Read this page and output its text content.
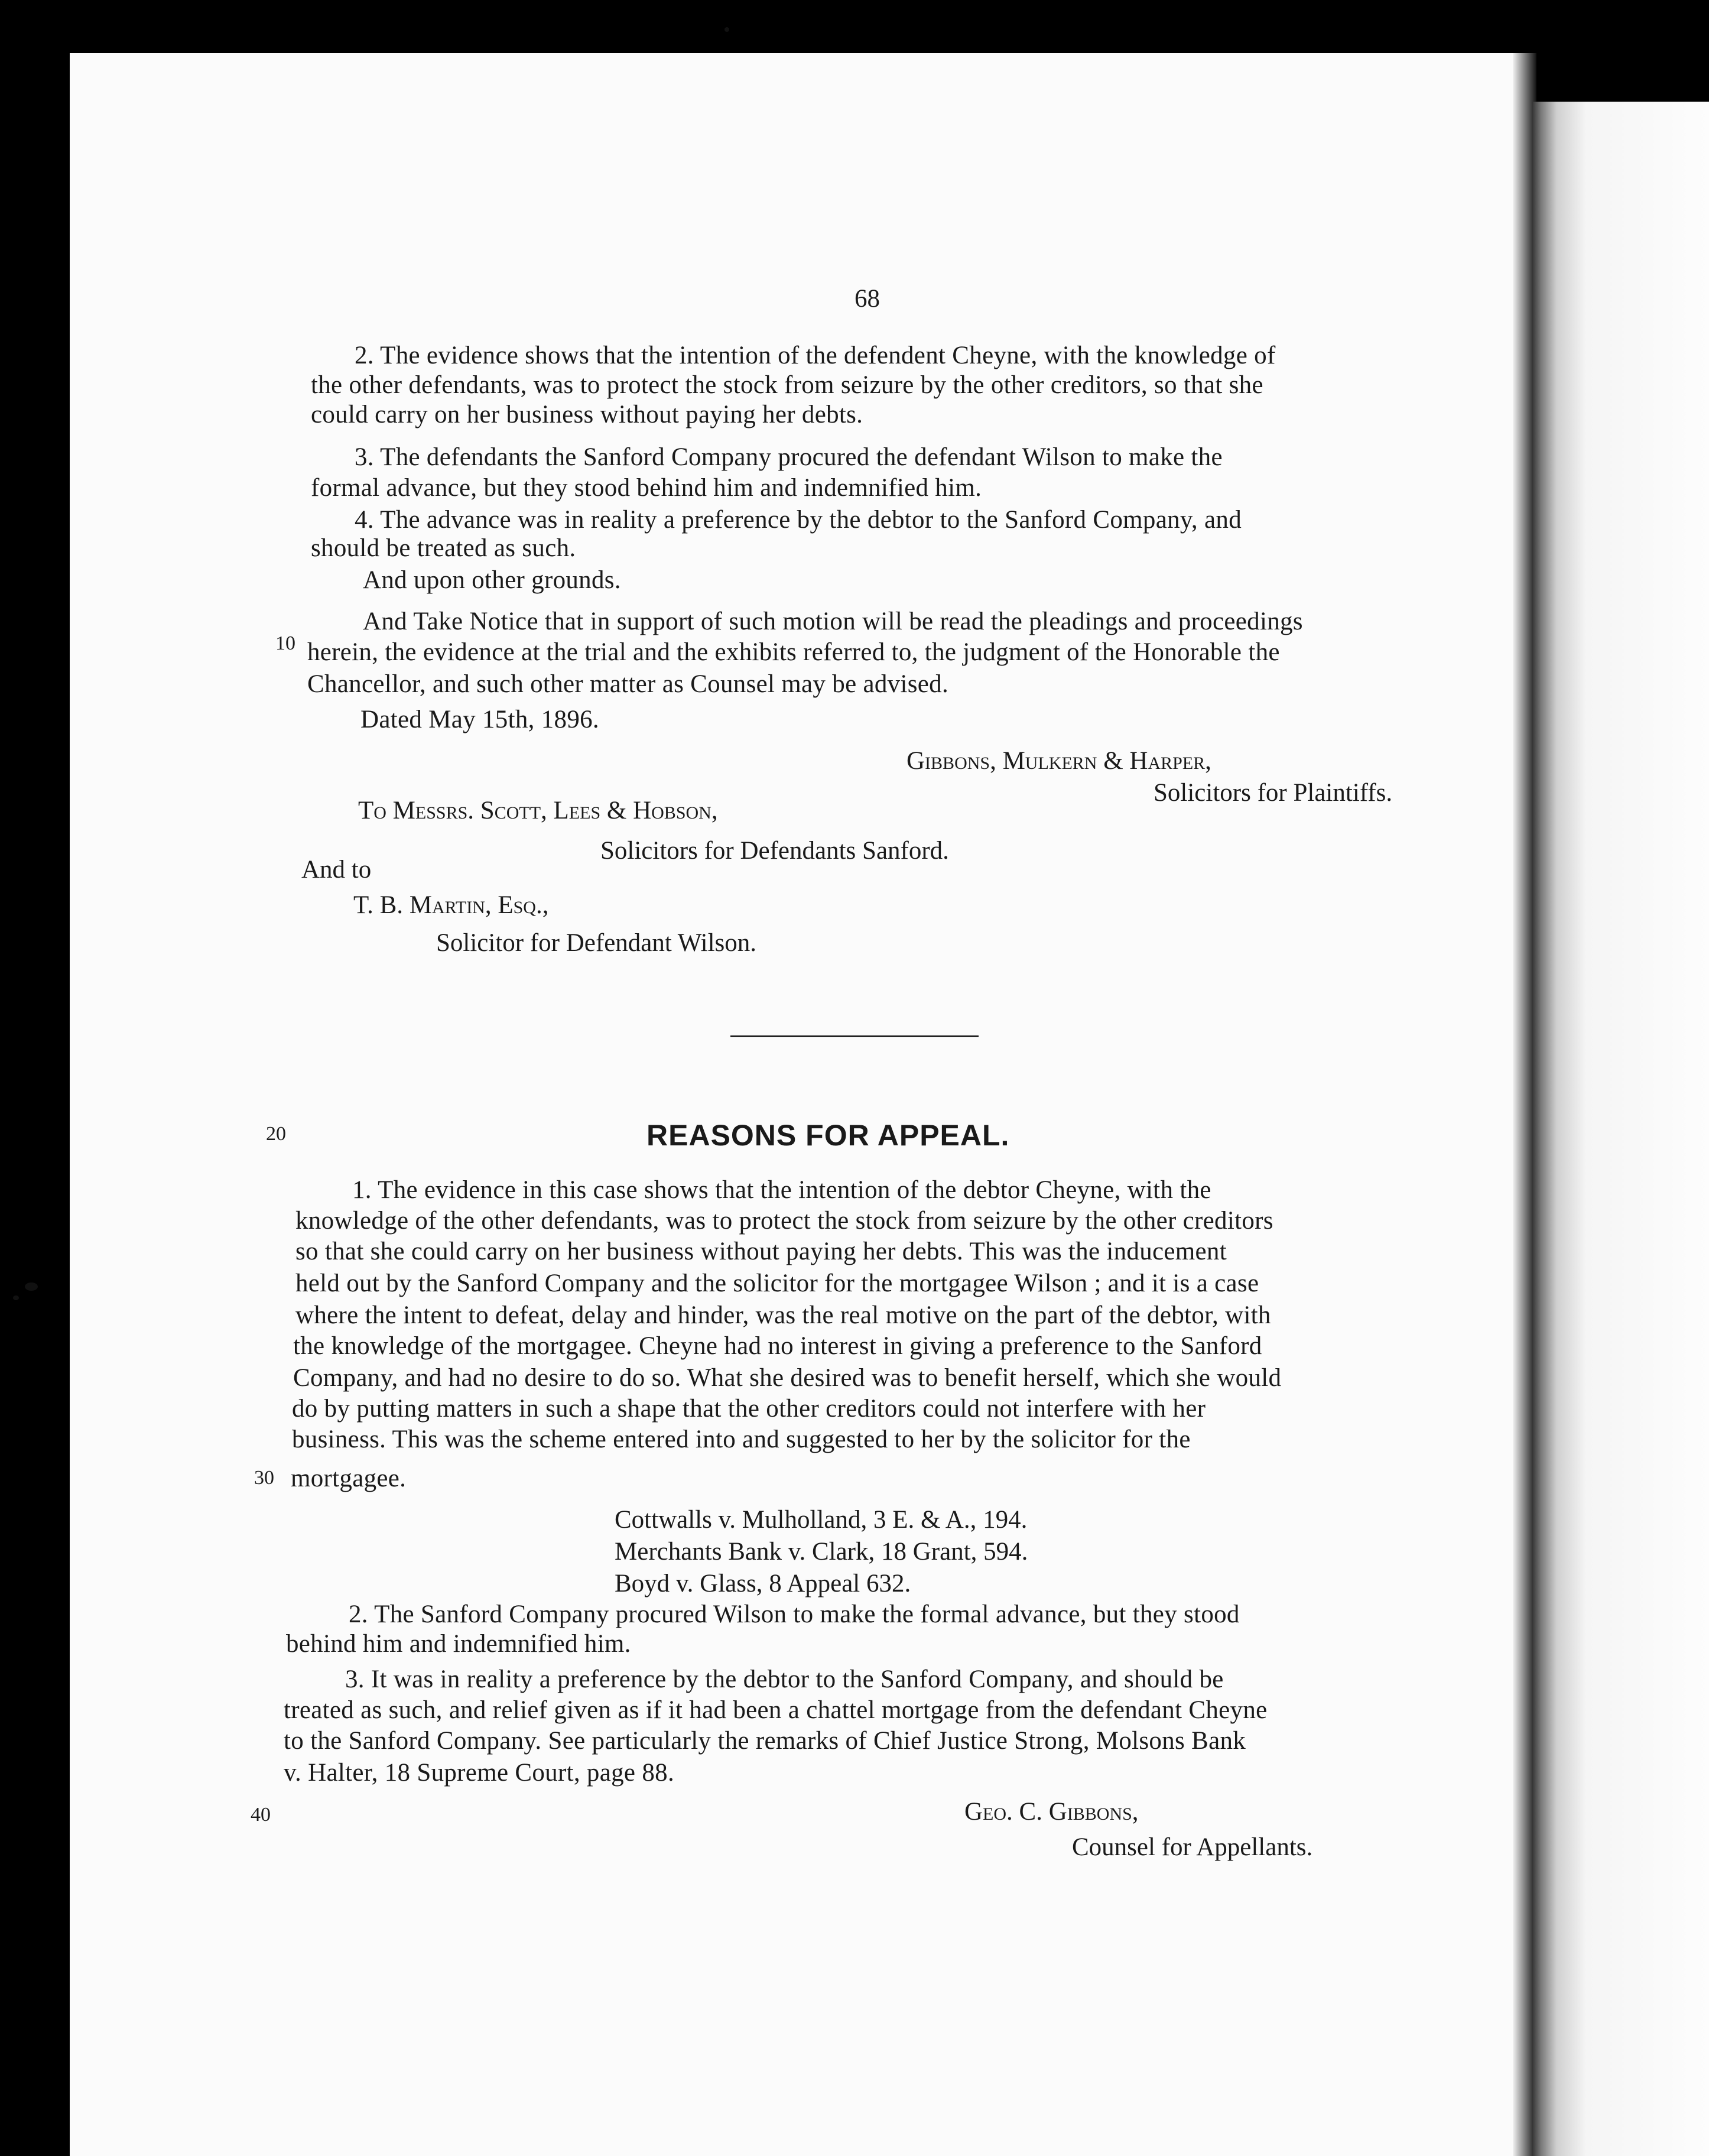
68
2. The evidence shows that the intention of the defendent Cheyne, with the knowledge of
the other defendants, was to protect the stock from seizure by the other creditors, so that she
could carry on her business without paying her debts.
3. The defendants the Sanford Company procured the defendant Wilson to make the
formal advance, but they stood behind him and indemnified him.
4. The advance was in reality a preference by the debtor to the Sanford Company, and
should be treated as such.
And upon other grounds.
And Take Notice that in support of such motion will be read the pleadings and proceedings
10 herein, the evidence at the trial and the exhibits referred to, the judgment of the Honorable the
Chancellor, and such other matter as Counsel may be advised.
Dated May 15th, 1896.
Gibbons, Mulkern & Harper,
Solicitors for Plaintiffs.
To Messrs. Scott, Lees & Hobson,
Solicitors for Defendants Sanford.
And to
T. B. Martin, Esq.,
Solicitor for Defendant Wilson.
20	REASONS FOR APPEAL.
1. The evidence in this case shows that the intention of the debtor Cheyne, with the
knowledge of the other defendants, was to protect the stock from seizure by the other creditors
so that she could carry on her business without paying her debts. This was the inducement
held out by the Sanford Company and the solicitor for the mortgagee Wilson ; and it is a case
where the intent to defeat, delay and hinder, was the real motive on the part of the debtor, with
the knowledge of the mortgagee. Cheyne had no interest in giving a preference to the Sanford
Company, and had no desire to do so. What she desired was to benefit herself, which she would
do by putting matters in such a shape that the other creditors could not interfere with her
business. This was the scheme entered into and suggested to her by the solicitor for the
30 mortgagee.
Cottwalls v. Mulholland, 3 E. & A., 194.
Merchants Bank v. Clark, 18 Grant, 594.
Boyd v. Glass, 8 Appeal 632.
2. The Sanford Company procured Wilson to make the formal advance, but they stood
behind him and indemnified him.
3. It was in reality a preference by the debtor to the Sanford Company, and should be
treated as such, and relief given as if it had been a chattel mortgage from the defendant Cheyne
to the Sanford Company. See particularly the remarks of Chief Justice Strong, Molsons Bank
v. Halter, 18 Supreme Court, page 88.
40	Geo. C. Gibbons,
Counsel for Appellants.
